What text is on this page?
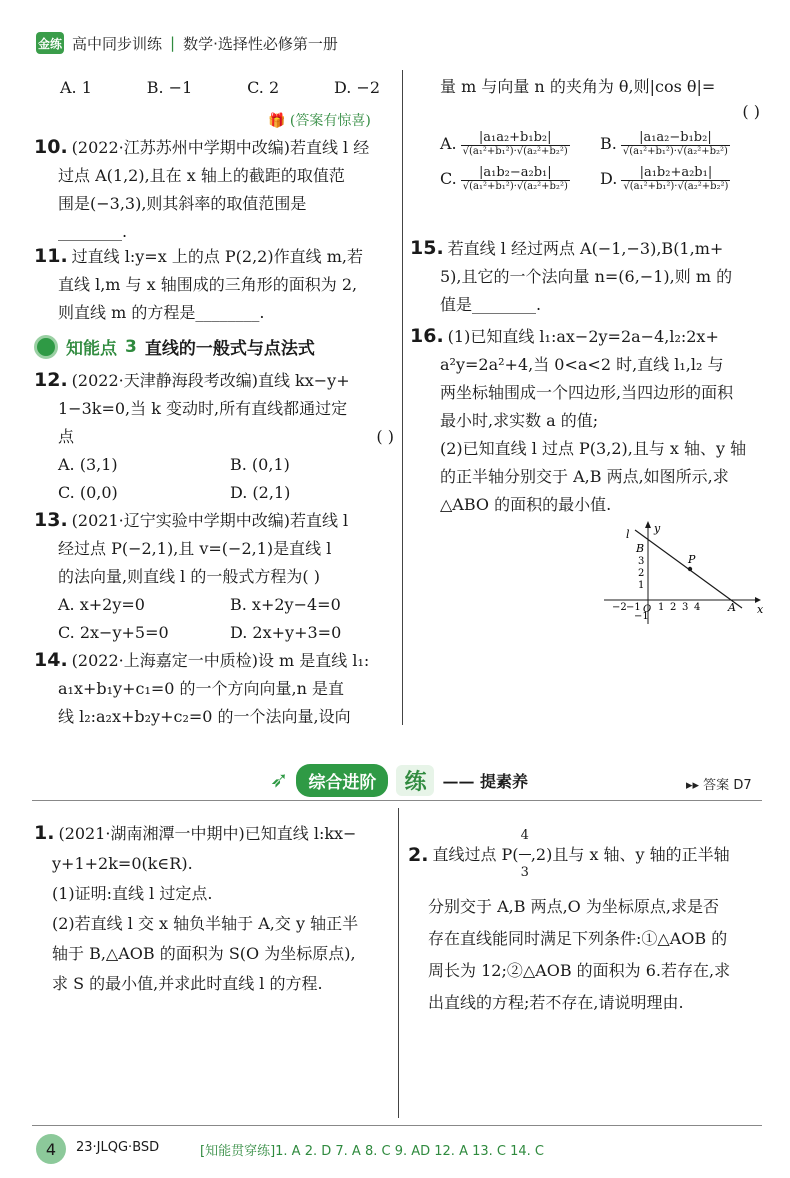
金练 高中同步训练 | 数学·选择性必修第一册
A. 1	B. −1	C. 2	D. −2
🎁 (答案有惊喜)
10. (2022·江苏苏州中学期中改编)若直线 l 经
过点 A(1,2),且在 x 轴上的截距的取值范
围是(−3,3),则其斜率的取值范围是
________.
11. 过直线 l:y=x 上的点 P(2,2)作直线 m,若
直线 l,m 与 x 轴围成的三角形的面积为 2,
则直线 m 的方程是________.
知能点 3 直线的一般式与点法式
12. (2022·天津静海段考改编)直线 kx−y+
1−3k=0,当 k 变动时,所有直线都通过定
点	( )
A. (3,1)	B. (0,1)
C. (0,0)	D. (2,1)
13. (2021·辽宁实验中学期中改编)若直线 l
经过点 P(−2,1),且 v=(−2,1)是直线 l
的法向量,则直线 l 的一般式方程为( )
A. x+2y=0	B. x+2y−4=0
C. 2x−y+5=0	D. 2x+y+3=0
14. (2022·上海嘉定一中质检)设 m 是直线 l₁:
a₁x+b₁y+c₁=0 的一个方向向量,n 是直
线 l₂:a₂x+b₂y+c₂=0 的一个法向量,设向
量 m 与向量 n 的夹角为 θ,则|cos θ|=
( )
A. $\frac{\text{|a₁a₂+b₁b₂|}}{\text{√(a₁²+b₁²)·√(a₂²+b₂²)}} B$. $\frac{\text{|a₁a₂−b₁b₂|}}{\text{√(a₁²+b₁²)·√(a₂²+b₂²)}}$
C. $\frac{\text{|a₁b₂−a₂b₁|}}{\text{√(a₁²+b₁²)·√(a₂²+b₂²)}} D$. $\frac{\text{|a₁b₂+a₂b₁|}}{\text{√(a₁²+b₁²)·√(a₂²+b₂²)}}$
15. 若直线 l 经过两点 A(−1,−3),B(1,m+
5),且它的一个法向量 n=(6,−1),则 m 的
值是________.
16. (1)已知直线 l₁:ax−2y=2a−4,l₂:2x+
a²y=2a²+4,当 0<a<2 时,直线 l₁,l₂ 与
两坐标轴围成一个四边形,当四边形的面积
最小时,求实数 a 的值;
(2)已知直线 l 过点 P(3,2),且与 x 轴、y 轴
的正半轴分别交于 A,B 两点,如图所示,求
△ABO 的面积的最小值.
l y
x
B
P
A
O
3
2
1
−1
−2 −1 1 2 3 4
➶	综合进阶	练	—— 提素养	▸▸ 答案 D7
1. (2021·湖南湘潭一中期中)已知直线 l:kx−
y+1+2k=0(k∈R).
(1)证明:直线 l 过定点.
(2)若直线 l 交 x 轴负半轴于 A,交 y 轴正半
轴于 B,△AOB 的面积为 S(O 为坐标原点),
求 S 的最小值,并求此时直线 l 的方程.
2. 直线过点 $P( \frac{4}{3} ,2)$且与 x 轴、y 轴的正半轴
分别交于 A,B 两点,O 为坐标原点,求是否
存在直线能同时满足下列条件:①△AOB 的
周长为 12;②△AOB 的面积为 6.若存在,求
出直线的方程;若不存在,请说明理由.
4	23·JLQG·BSD	[知能贯穿练]1. A 2. D 7. A 8. C 9. AD 12. A 13. C 14. C
